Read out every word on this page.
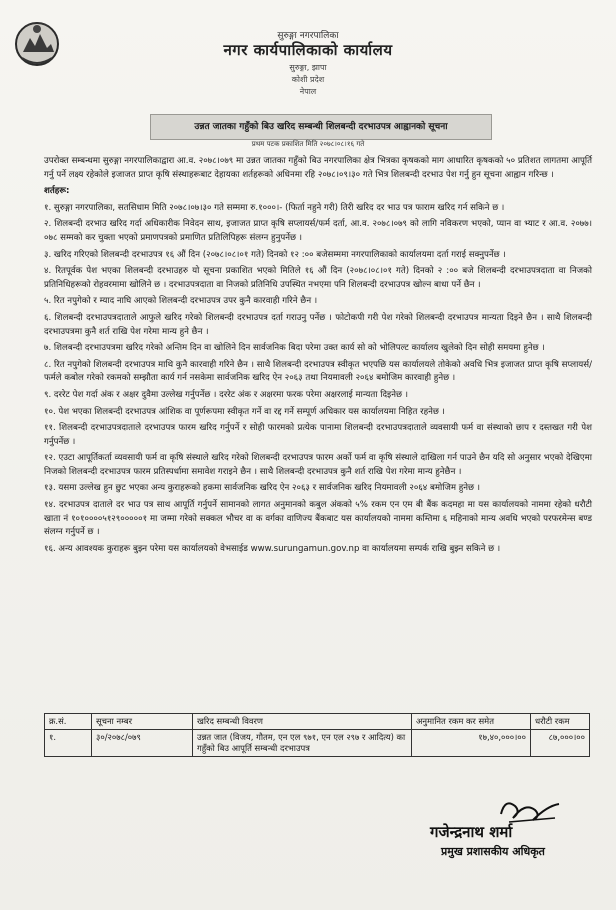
सुरुङ्गा नगरपालिका
नगर कार्यपालिकाको कार्यालय
सुरुङ्गा, झापा
कोशी प्रदेश
नेपाल
उन्नत जातका गहुँको बिउ खरिद सम्बन्धी शिलबन्दी दरभाउपत्र आह्वानको सूचना
प्रथम पटक प्रकाशित मिति २०७८।०८।१६ गते

उपरोक्त सम्बन्धमा सुरुङ्गा नगरपालिकाद्वारा आ.व. २०७८।०७९ मा उन्नत जातका गहुँको बिउ नगरपालिका क्षेत्र भित्रका कृषकको माग आधारित कृषकको ५० प्रतिशत लागतमा आपूर्ति गर्नु पर्ने लक्ष्य रहेकोले इजाजत प्राप्त कृषि संस्थाहरूबाट देहायका शर्तहरूको अधिनमा रहि २०७८।०९।३० गते भित्र शिलबन्दी दरभाउ पेश गर्नु हुन सूचना आह्वान गरिन्छ ।

शर्तहरू:
१. सुरुङ्गा नगरपालिका, सतसिधाम मिति २०७८।०७।३० गते सम्ममा रु.१०००।- (फिर्ता नहुने गरी) तिरी खरिद दर भाउ पत्र फाराम खरिद गर्न सकिने छ ।
२. शिलबन्दी दरभाउ खरिद गर्दा अधिकारीक निवेदन साथ, इजाजत प्राप्त कृषि सप्लायर्स/फर्म दर्ता, आ.व. २०७८।०७९ को लागि नविकरण भएको, प्यान वा भ्याट र आ.व. २०७७।०७८ सम्मको कर चुक्ता भएको प्रमाणपत्रको प्रमाणित प्रतिलिपिहरू संलग्न हुनुपर्नेछ ।
३. खरिद गरिएको शिलबन्दी दरभाउपत्र १६ औं दिन (२०७८।०८।०१ गते) दिनको १२ :०० बजेसम्ममा नगरपालिकाको कार्यालयमा दर्ता गराई सक्नुपर्नेछ ।
४. रितपूर्वक पेश भएका शिलबन्दी दरभाउहरु यो सूचना प्रकाशित भएको मितिले १६ औं दिन (२०७८।०८।०१ गते) दिनको २ :०० बजे शिलबन्दी दरभाउपत्रदाता वा निजको प्रतिनिधिहरूको रोहवरमामा खोलिने छ । दरभाउपत्रदाता वा निजको प्रतिनिधि उपस्थित नभएमा पनि शिलबन्दी दरभाउपत्र खोल्न बाधा पर्ने छैन ।
५. रित नपुगेको र म्याद नाघि आएको शिलबन्दी दरभाउपत्र उपर कुनै कारवाही गरिने छैन ।
६. शिलबन्दी दरभाउपत्रदाताले आफुले खरिद गरेको शिलबन्दी दरभाउपत्र दर्ता गराउनु पर्नेछ । फोटोकपी गरी पेश गरेको शिलबन्दी दरभाउपत्र मान्यता दिइने छैन । साथै शिलबन्दी दरभाउपत्रमा कुनै शर्त राखि पेश गरेमा मान्य हुने छैन ।
७. शिलबन्दी दरभाउपत्रमा खरिद गरेको अन्तिम दिन वा खोलिने दिन सार्वजनिक बिदा परेमा उक्त कार्य सो को भोलिपल्ट कार्यालय खुलेको दिन सोही समयमा हुनेछ ।
८. रित नपुगेको शिलबन्दी दरभाउपत्र माथि कुनै कारवाही गरिने छैन । साथै शिलबन्दी दरभाउपत्र स्वीकृत भएपछि यस कार्यालयले तोकेको अवधि भित्र इजाजत प्राप्त कृषि सप्लायर्स/फर्मले कबोल गरेको रकमको सम्झौता कार्य गर्न नसकेमा सार्वजनिक खरिद ऐन २०६३ तथा नियमावली २०६४ बमोजिम कारवाही हुनेछ ।
९. दररेट पेश गर्दा अंक र अक्षर दुवैमा उल्लेख गर्नुपर्नेछ । दररेट अंक र अक्षरमा फरक परेमा अक्षरलाई मान्यता दिइनेछ ।
१०. पेश भएका शिलबन्दी दरभाउपत्र आंशिक वा पूर्णरूपमा स्वीकृत गर्ने वा रद्द गर्ने सम्पूर्ण अधिकार यस कार्यालयमा निहित रहनेछ ।
११. शिलबन्दी दरभाउपत्रदाताले दरभाउपत्र फारम खरिद गर्नुपर्ने र सोही फारमको प्रत्येक पानामा शिलबन्दी दरभाउपत्रदाताले व्यवसायी फर्म वा संस्थाको छाप र दस्तखत गरी पेश गर्नुपर्नेछ ।
१२. एउटा आपूर्तिकर्ता व्यवसायी फर्म वा कृषि संस्थाले खरिद गरेको शिलबन्दी दरभाउपत्र फारम अर्को फर्म वा कृषि संस्थाले दाखिला गर्न पाउने छैन यदि सो अनुसार भएको देखिएमा निजको शिलबन्दी दरभाउपत्र फारम प्रतिस्पर्धामा समावेश गराइने छैन । साथै शिलबन्दी दरभाउपत्र कुनै शर्त राखि पेश गरेमा मान्य हुनेछैन ।
१३. यसमा उल्लेख हुन छुट भएका अन्य कुराहरूको हकमा सार्वजनिक खरिद ऐन २०६३ र सार्वजनिक खरिद नियमावली २०६४ बमोजिम हुनेछ ।
१४. दरभाउपत्र दाताले दर भाउ पत्र साथ आपूर्ति गर्नुपर्ने सामानको लागत अनुमानको कबुल अंकको ५% रकम एन एम बी बैंक कदमहा मा यस कार्यालयको नाममा रहेको धरौटी खाता नं १०१००००५१२९०००००१ मा जम्मा गरेको सक्कल भौचर वा क वर्गका वाणिज्य बैंकबाट यस कार्यालयको नाममा कम्तिमा ६ महिनाको मान्य अवधि भएको परफरमेन्स बण्ड संलग्न गर्नुपर्ने छ ।
१६. अन्य आवश्यक कुराहरू बुझ्न परेमा यस कार्यालयको वेभसाईड www.surungamun.gov.np वा कार्यालयमा सम्पर्क राखि बुझ्न सकिने छ ।
क्र.सं.	सूचना नम्बर	खरिद सम्बन्धी विवरण	अनुमानित रकम कर समेत	धरौटी रकम
१.	३०/२०७८/०७९	उन्नत जात (विजय, गौतम, एन एल ९७१, एन एल २९७ र आदित्य) का गहुँको बिउ आपूर्ति सम्बन्धी दरभाउपत्र	१७,४०,०००।००	८७,०००।००
गजेन्द्रनाथ शर्मा
प्रमुख प्रशासकीय अधिकृत
